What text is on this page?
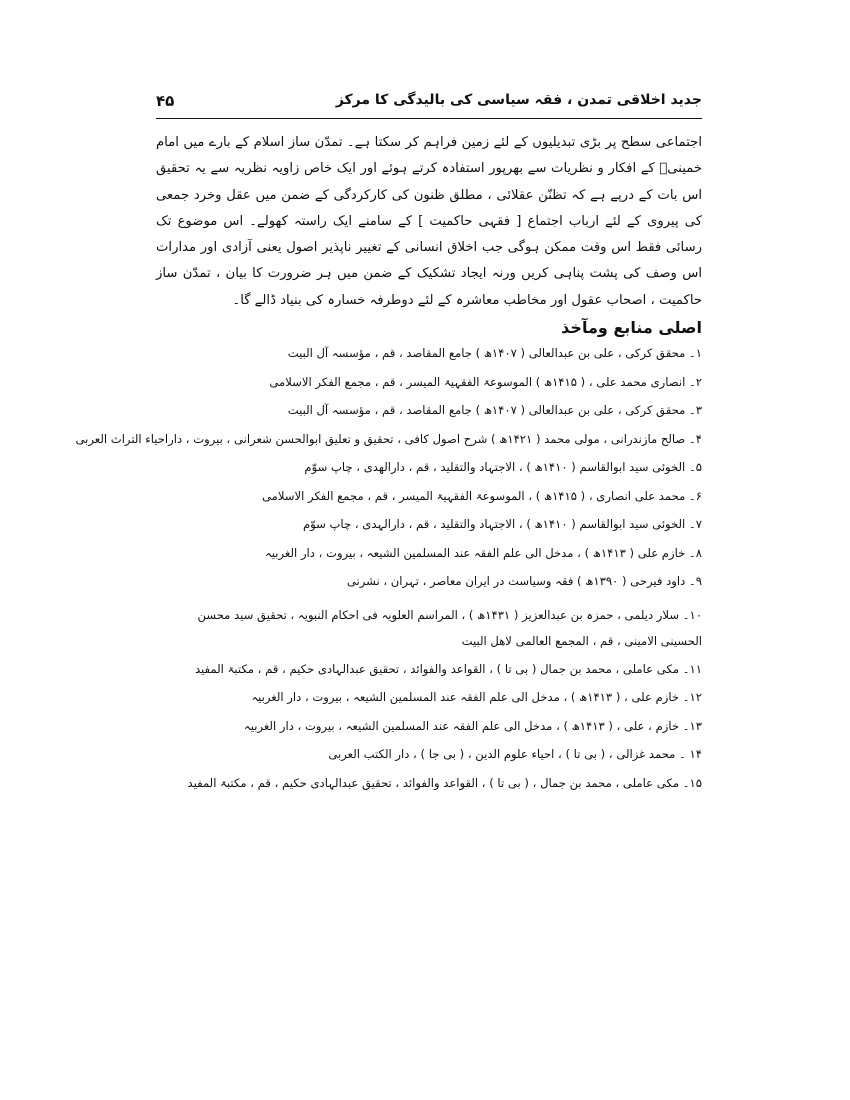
۴۵	جدید اخلاقی تمدن ، فقہ سیاسی کی بالیدگی کا مرکز

اجتماعی سطح پر بڑی تبدیلیوں کے لئے زمین فراہم کر سکتا ہے۔ تمدّن ساز اسلام کے بارے میں امام خمینیؒ کے افکار و نظریات سے بھرپور استفادہ کرتے ہوئے اور ایک خاص زاویہ نظریہ سے یہ تحقیق اس بات کے درپے ہے کہ تظنّن عقلائی ، مطلق ظنون کی کارکردگی کے ضمن میں عقل وخرد جمعی کی پیروی کے لئے ارباب اجتماع [ فقہی حاکمیت ] کے سامنے ایک راستہ کھولے۔ اس موضوع تک رسائی فقط اس وقت ممکن ہوگی جب اخلاق انسانی کے تغییر ناپذیر اصول یعنی آزادی اور مدارات اس وصف کی پشت پناہی کریں ورنہ ایجاد تشکیک کے ضمن میں ہر ضرورت کا بیان ، تمدّن ساز حاکمیت ، اصحاب عقول اور مخاطب معاشرہ کے لئے دوطرفہ خسارہ کی بنیاد ڈالے گا۔

اصلی منابع ومآخذ
۱۔ محقق کرکی ، علی بن عبدالعالی ( ۱۴۰۷ھ ) جامع المقاصد ، قم ، مؤسسہ آل البیت
۲۔ انصاری محمد علی ، ( ۱۴۱۵ھ ) الموسوعۃ الفقہیۃ المیسر ، قم ، مجمع الفکر الاسلامی
۳۔ محقق کرکی ، علی بن عبدالعالی ( ۱۴۰۷ھ ) جامع المقاصد ، قم ، مؤسسہ آل البیت
۴۔ صالح مازندرانی ، مولی محمد ( ۱۴۲۱ھ ) شرح اصول کافی ، تحقیق و تعلیق ابوالحسن شعرانی ، بیروت ، داراحیاء التراث العربی
۵۔ الخوئی سید ابوالقاسم ( ۱۴۱۰ھ ) ، الاجتہاد والتقلید ، قم ، دارالھدی ، چاپ سوّم
۶۔ محمد علی انصاری ، ( ۱۴۱۵ھ ) ، الموسوعۃ الفقہیۃ المیسر ، قم ، مجمع الفکر الاسلامی
۷۔ الخوئی سید ابوالقاسم ( ۱۴۱۰ھ ) ، الاجتہاد والتقلید ، قم ، دارالہدی ، چاپ سوّم
۸۔ خازم علی ( ۱۴۱۳ھ ) ، مدخل الی علم الفقہ عند المسلمین الشیعہ ، بیروت ، دار الغربیہ
۹۔ داود فیرحی ( ۱۳۹۰ھ ) فقہ وسیاست در ایران معاصر ، تہران ، نشرنی
۱۰۔ سلار دیلمی ، حمزہ بن عبدالعزیز ( ۱۴۳۱ھ ) ، المراسم العلویہ فی احکام النبویہ ، تحقیق سید محسن الحسینی الامینی ، قم ، المجمع العالمی لاھل البیت
۱۱۔ مکی عاملی ، محمد بن جمال ( بی تا ) ، القواعد والفوائد ، تحقیق عبدالہادی حکیم ، قم ، مکتبۃ المفید
۱۲۔ خازم علی ، ( ۱۴۱۳ھ ) ، مدخل الی علم الفقہ عند المسلمین الشیعہ ، بیروت ، دار الغربیہ
۱۳۔ خازم ، علی ، ( ۱۴۱۳ھ ) ، مدخل الی علم الفقہ عند المسلمین الشیعہ ، بیروت ، دار الغربیہ
۱۴ ۔ محمد غزالی ، ( بی تا ) ، احیاء علوم الدین ، ( بی جا ) ، دار الکتب العربی
۱۵۔ مکی عاملی ، محمد بن جمال ، ( بی تا ) ، القواعد والفوائد ، تحقیق عبدالہادی حکیم ، قم ، مکتبۃ المفید
